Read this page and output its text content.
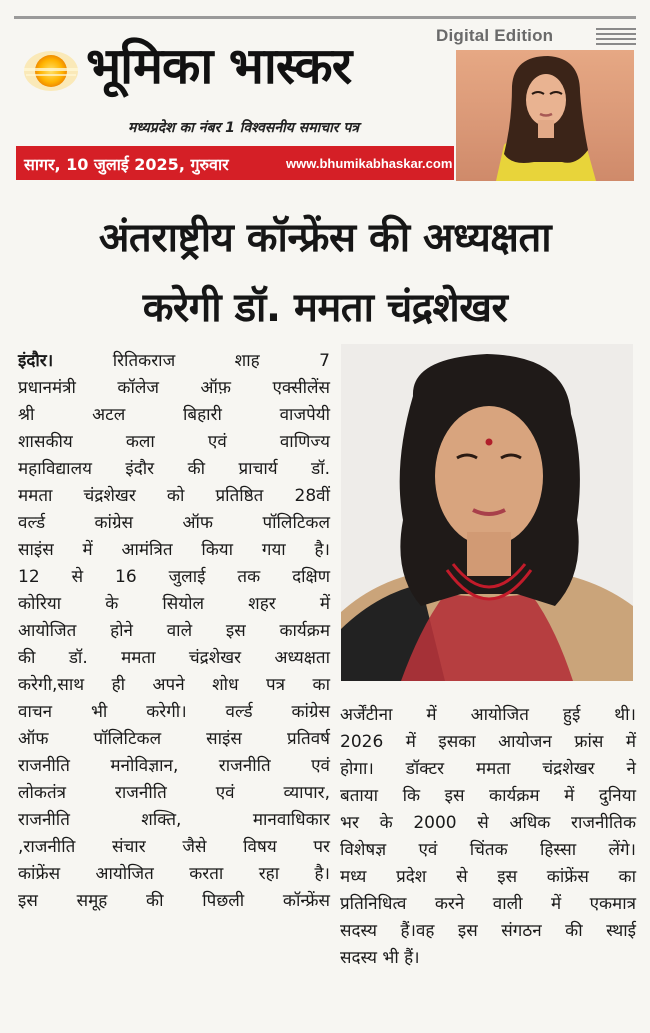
Digital Edition
भूमिका भास्कर
मध्यप्रदेश का नंबर 1 विश्वसनीय समाचार पत्र
सागर, 10 जुलाई 2025, गुरुवार	www.bhumikabhaskar.com
अंतराष्ट्रीय कॉन्फ्रेंस की अध्यक्षता
करेगी डॉ. ममता चंद्रशेखर

इंदौर।	रितिकराज शाह 7

प्रधानमंत्री कॉलेज ऑफ़ एक्सीलेंस

श्री अटल बिहारी वाजपेयी

शासकीय कला एवं वाणिज्य

महाविद्यालय इंदौर की प्राचार्य डॉ.

ममता चंद्रशेखर को प्रतिष्ठित 28वीं

वर्ल्ड कांग्रेस ऑफ पॉलिटिकल

साइंस में आमंत्रित किया गया है।

12 से 16 जुलाई तक दक्षिण

कोरिया के सियोल शहर में

आयोजित होने वाले इस कार्यक्रम

की डॉ. ममता चंद्रशेखर अध्यक्षता

करेगी,साथ ही अपने शोध पत्र का

वाचन भी करेगी। वर्ल्ड कांग्रेस

ऑफ पॉलिटिकल साइंस प्रतिवर्ष

राजनीति मनोविज्ञान, राजनीति एवं

लोकतंत्र राजनीति एवं व्यापार,

राजनीति शक्ति, मानवाधिकार

,राजनीति संचार जैसे विषय पर

कांफ्रेंस आयोजित करता रहा है।

इस समूह की पिछली कॉन्फ्रेंस

अर्जेंटीना में आयोजित हुई थी।

2026 में इसका आयोजन फ्रांस में

होगा। डॉक्टर ममता चंद्रशेखर ने

बताया कि इस कार्यक्रम में दुनिया

भर के 2000 से अधिक राजनीतिक

विशेषज्ञ एवं चिंतक हिस्सा लेंगे।

मध्य प्रदेश से इस कांफ्रेंस का

प्रतिनिधित्व करने वाली में एकमात्र

सदस्य हैं।वह इस संगठन की स्थाई

सदस्य भी हैं।
